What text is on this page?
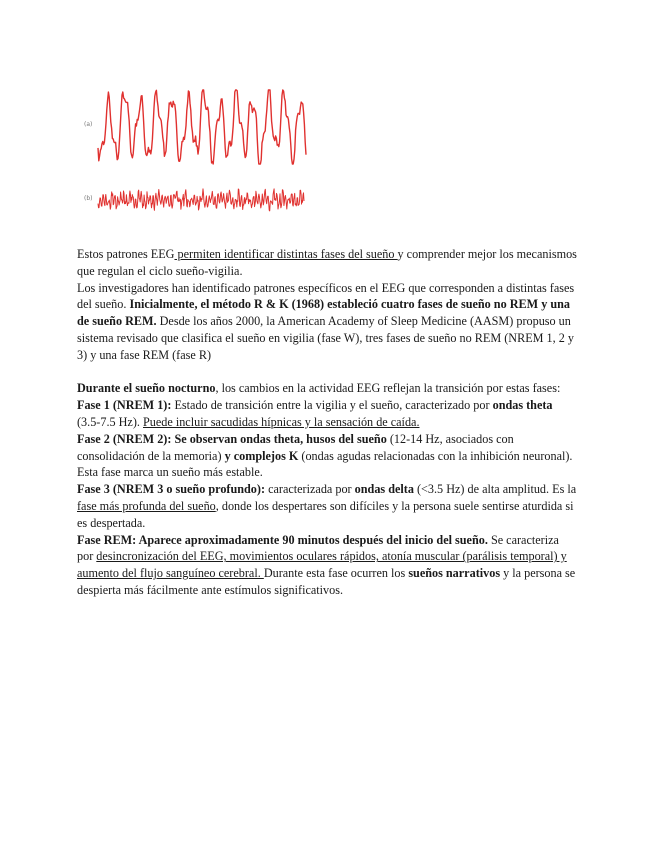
(a)
(b)

Estos patrones EEG permiten identificar distintas fases del sueño y comprender mejor los mecanismos que regulan el ciclo sueño-vigilia.

Los investigadores han identificado patrones específicos en el EEG que corresponden a distintas fases del sueño. Inicialmente, el método R & K (1968) estableció cuatro fases de sueño no REM y una de sueño REM. Desde los años 2000, la American Academy of Sleep Medicine (AASM) propuso un sistema revisado que clasifica el sueño en vigilia (fase W), tres fases de sueño no REM (NREM 1, 2 y 3) y una fase REM (fase R)

Durante el sueño nocturno, los cambios en la actividad EEG reflejan la transición por estas fases:

Fase 1 (NREM 1): Estado de transición entre la vigilia y el sueño, caracterizado por ondas theta (3.5-7.5 Hz). Puede incluir sacudidas hípnicas y la sensación de caída.

Fase 2 (NREM 2): Se observan ondas theta, husos del sueño (12-14 Hz, asociados con consolidación de la memoria) y complejos K (ondas agudas relacionadas con la inhibición neuronal). Esta fase marca un sueño más estable.

Fase 3 (NREM 3 o sueño profundo): caracterizada por ondas delta (<3.5 Hz) de alta amplitud. Es la fase más profunda del sueño, donde los despertares son difíciles y la persona suele sentirse aturdida si es despertada.

Fase REM: Aparece aproximadamente 90 minutos después del inicio del sueño. Se caracteriza por desincronización del EEG, movimientos oculares rápidos, atonía muscular (parálisis temporal) y aumento del flujo sanguíneo cerebral. Durante esta fase ocurren los sueños narrativos y la persona se despierta más fácilmente ante estímulos significativos.
